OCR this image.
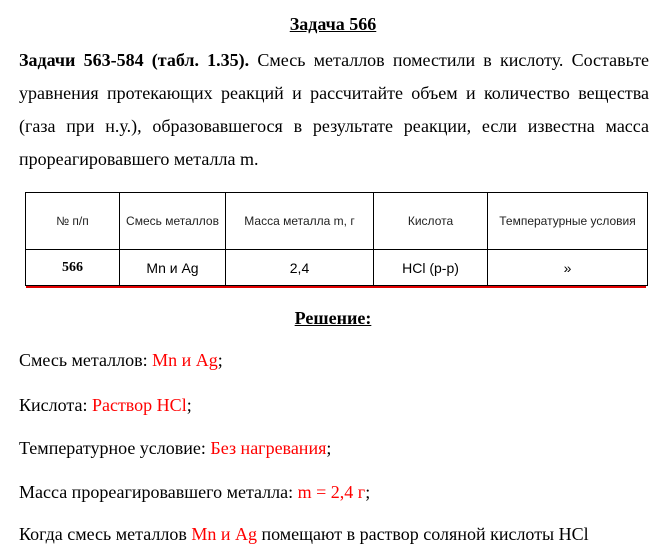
Задача 566
Задачи 563-584 (табл. 1.35). Смесь металлов поместили в кислоту. Составьте уравнения протекающих реакций и рассчитайте объем и количество вещества (газа при н.у.), образовавшегося в результате реакции, если известна масса прореагировавшего металла m.
№ п/п	Смесь металлов	Масса металла m, г	Кислота	Температурные условия
566	Mn и Ag	2,4	HCl (р-р)	»
Решение:
Смесь металлов: Mn и Ag;
Кислота: Раствор HCl;
Температурное условие: Без нагревания;
Масса прореагировавшего металла: m = 2,4 г;
Когда смесь металлов Mn и Ag помещают в раствор соляной кислоты HCl
